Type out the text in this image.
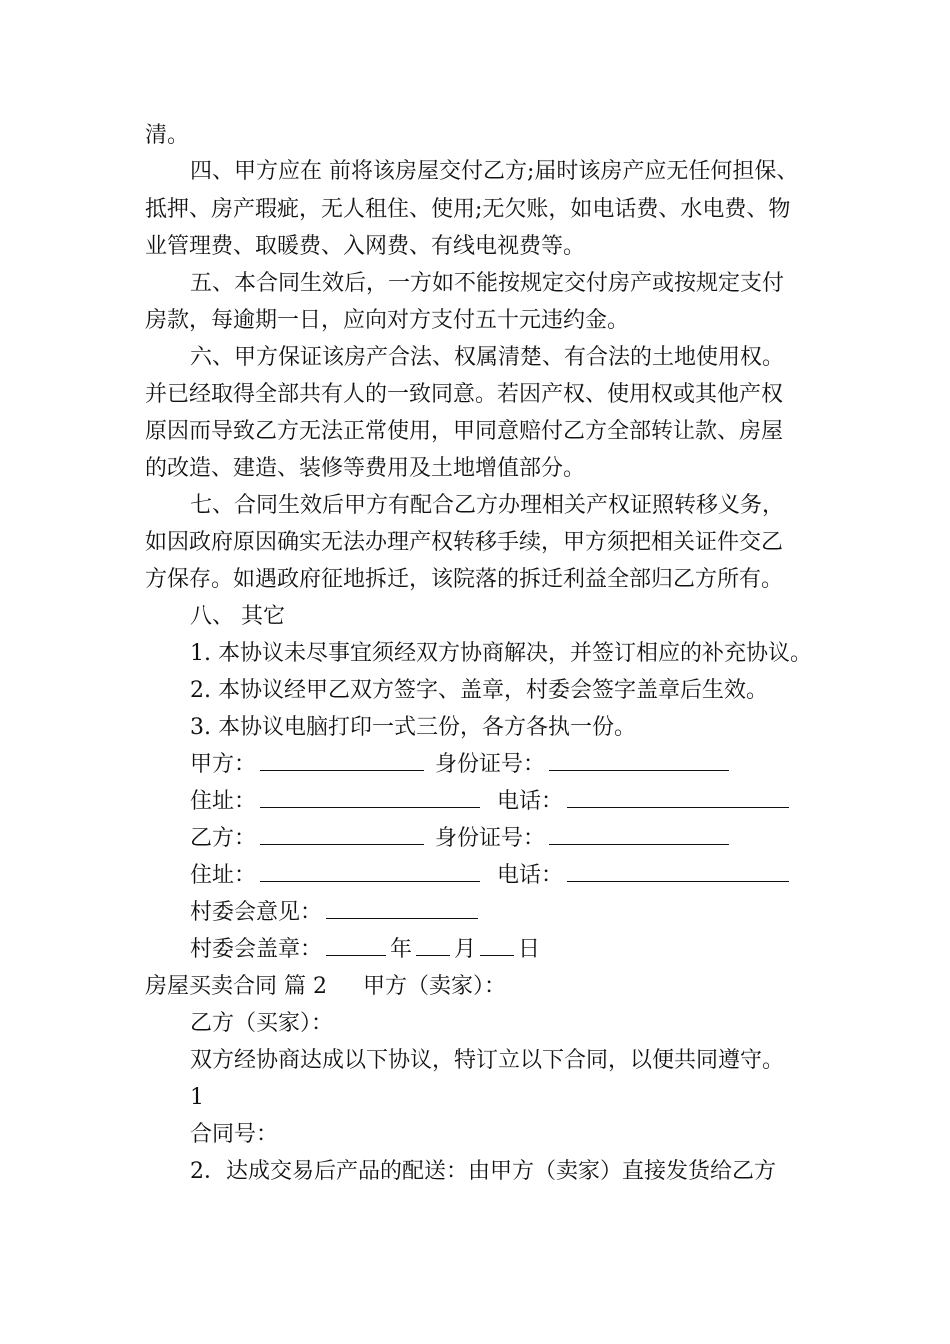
清。
四、甲方应在 前将该房屋交付乙方;届时该房产应无任何担保、
抵押、房产瑕疵，无人租住、使用;无欠账，如电话费、水电费、物
业管理费、取暖费、入网费、有线电视费等。
五、本合同生效后，一方如不能按规定交付房产或按规定支付
房款，每逾期一日，应向对方支付五十元违约金。
六、甲方保证该房产合法、权属清楚、有合法的土地使用权。
并已经取得全部共有人的一致同意。若因产权、使用权或其他产权
原因而导致乙方无法正常使用，甲同意赔付乙方全部转让款、房屋
的改造、建造、装修等费用及土地增值部分。
七、合同生效后甲方有配合乙方办理相关产权证照转移义务，
如因政府原因确实无法办理产权转移手续，甲方须把相关证件交乙
方保存。如遇政府征地拆迁，该院落的拆迁利益全部归乙方所有。
八、 其它
1. 本协议未尽事宜须经双方协商解决，并签订相应的补充协议。
2. 本协议经甲乙双方签字、盖章，村委会签字盖章后生效。
3. 本协议电脑打印一式三份，各方各执一份。
甲方：	身份证号：
住址：	电话：
乙方：	身份证号：
住址：	电话：
村委会意见：
村委会盖章：	年 月 日
房屋买卖合同 篇 2 甲方（卖家）：
乙方（买家）：
双方经协商达成以下协议，特订立以下合同，以便共同遵守。
1
合同号：
2．达成交易后产品的配送：由甲方（卖家）直接发货给乙方
